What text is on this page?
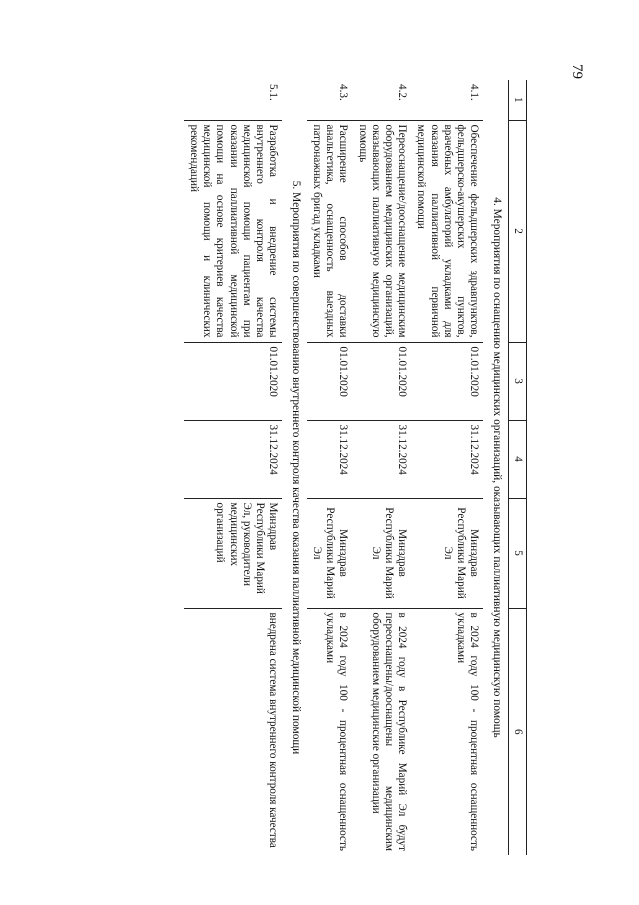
79
1	2	3	4	5	6
4. Мероприятия по оснащению медицинских организаций, оказывающих паллиативную медицинскую помощь					
4.1.	Обеспечение фельдшерских здравпунктов, фельдшерско-акушерских пунктов, врачебных амбулаторий укладками для оказания паллиативной первичной медицинской помощи	01.01.2020	31.12.2024	Минздрав Республики Марий Эл	в 2024 году 100 - процентная оснащенность укладками
4.2.	Переоснащение/дооснащение медицинским оборудованием медицинских организаций, оказывающих паллиативную медицинскую помощь	01.01.2020	31.12.2024	Минздрав Республики Марий Эл	в 2024 году в Республике Марий Эл будут переоснащены/дооснащены медицинским оборудованием медицинские организации
4.3.	Расширение способов доставки анальгетика, оснащенность выездных патронажных бригад укладками	01.01.2020	31.12.2024	Минздрав Республики Марий Эл	в 2024 году 100 - процентная оснащенность укладками
5. Мероприятия по совершенствованию внутреннего контроля качества оказания паллиативной медицинской помощи					
5.1.	Разработка и внедрение системы внутреннего контроля качества медицинской помощи пациентам при оказании паллиативной медицинской помощи на основе критериев качества медицинской помощи и клинических рекомендаций	01.01.2020	31.12.2024	Минздрав Республики Марий Эл, руководители медицинских организаций	внедрена система внутреннего контроля качества
